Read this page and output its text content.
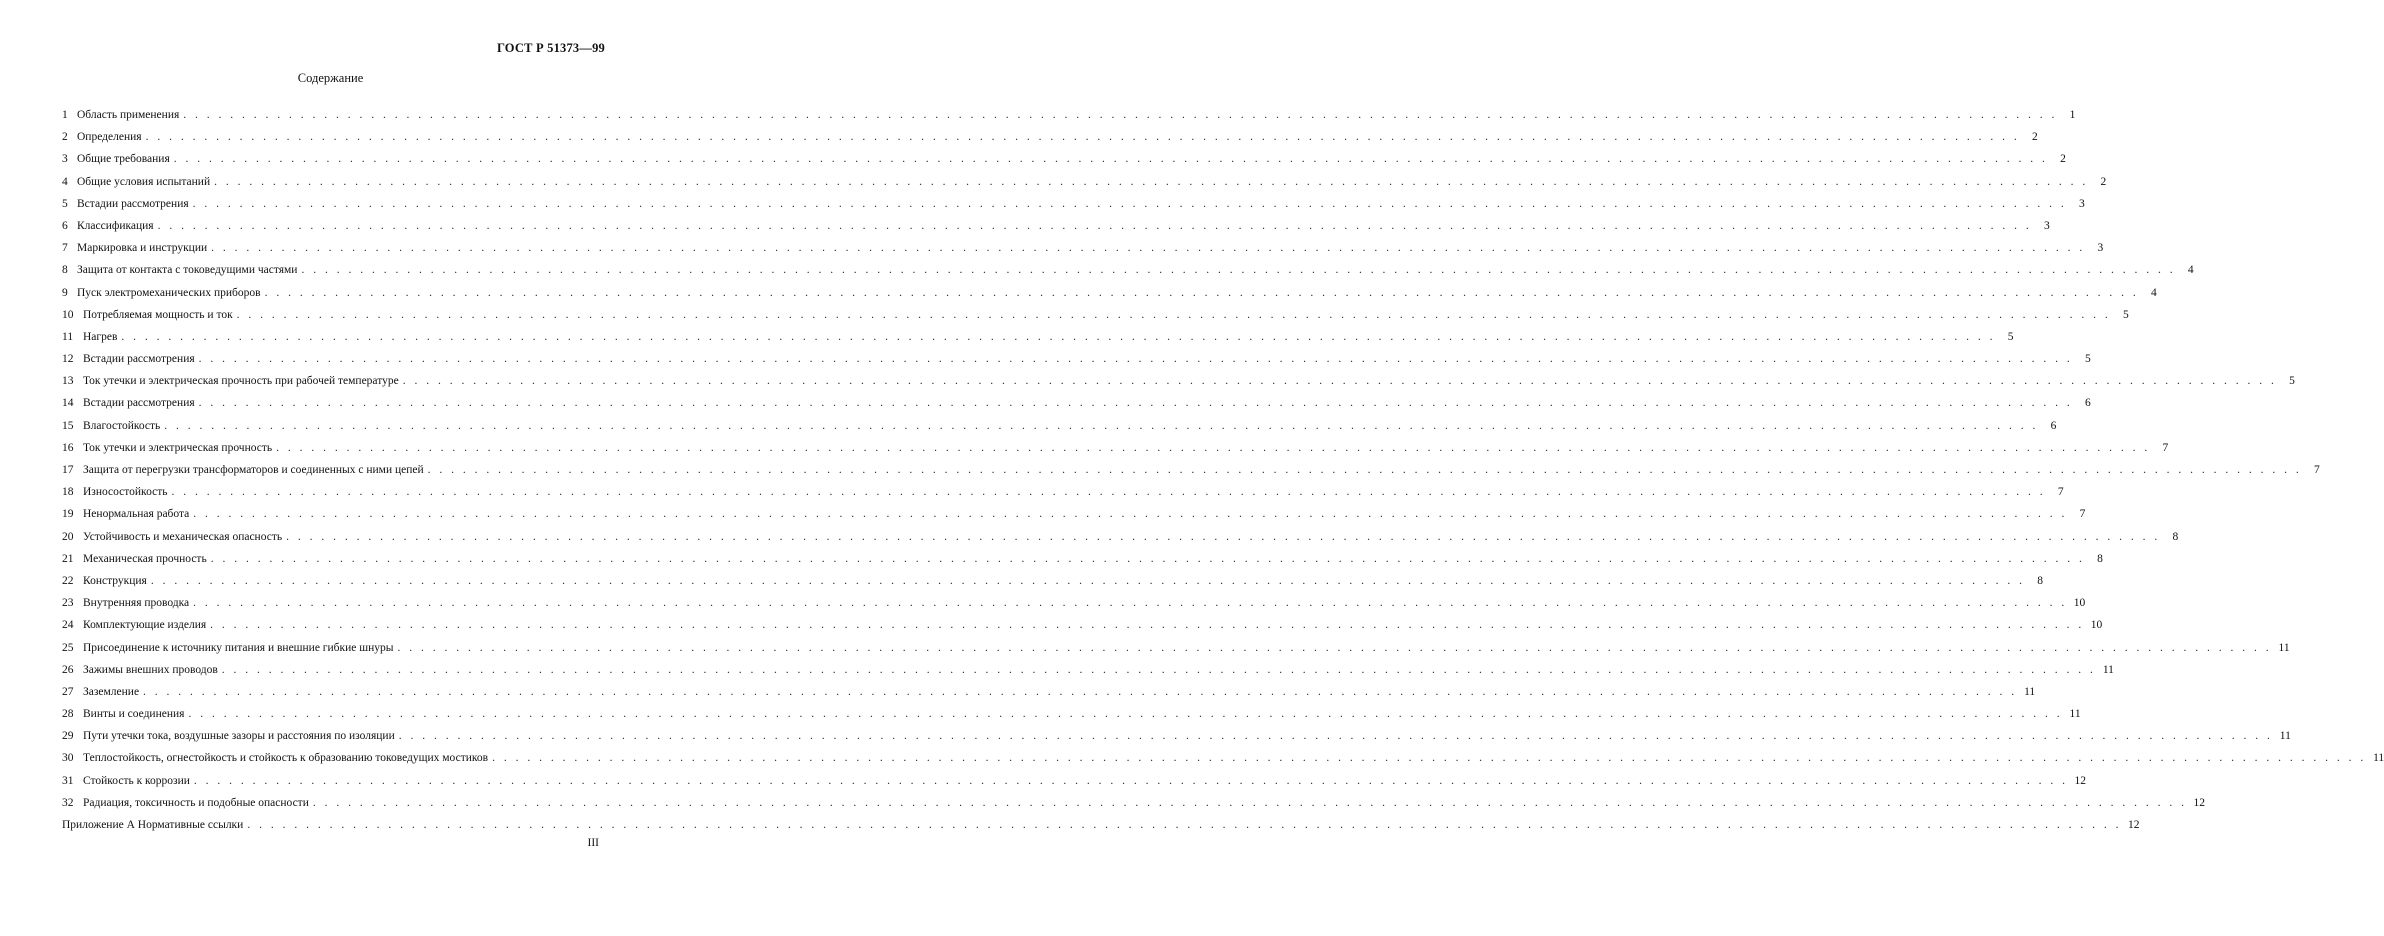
ГОСТ Р 51373—99
Содержание
1 Область применения . . . . . . . . . . . . . . . . . . . . . . . . . . . . . . . . . . . . . . . . . . . . . . . . . . . . . . . . . . . . . . . . . . . . . . . . . . . . . . . . . . . . . . . . . . . . . . . . . . . . . . . . . . . . . . . . . . . . . . . . . . . . . . . . . . . . . . . . . . . . . . . . . . . . . . . . . . . . . . . .	1
2 Определения . . . . . . . . . . . . . . . . . . . . . . . . . . . . . . . . . . . . . . . . . . . . . . . . . . . . . . . . . . . . . . . . . . . . . . . . . . . . . . . . . . . . . . . . . . . . . . . . . . . . . . . . . . . . . . . . . . . . . . . . . . . . . . . . . . . . . . . . . . . . . . . . . . . . . . . . . . . . . . . .	2
3 Общие требования . . . . . . . . . . . . . . . . . . . . . . . . . . . . . . . . . . . . . . . . . . . . . . . . . . . . . . . . . . . . . . . . . . . . . . . . . . . . . . . . . . . . . . . . . . . . . . . . . . . . . . . . . . . . . . . . . . . . . . . . . . . . . . . . . . . . . . . . . . . . . . . . . . . . . . . . . . . . . . . .	2
4 Общие условия испытаний . . . . . . . . . . . . . . . . . . . . . . . . . . . . . . . . . . . . . . . . . . . . . . . . . . . . . . . . . . . . . . . . . . . . . . . . . . . . . . . . . . . . . . . . . . . . . . . . . . . . . . . . . . . . . . . . . . . . . . . . . . . . . . . . . . . . . . . . . . . . . . . . . . . . . . . . . . . . . . . .	2
5 Встадии рассмотрения . . . . . . . . . . . . . . . . . . . . . . . . . . . . . . . . . . . . . . . . . . . . . . . . . . . . . . . . . . . . . . . . . . . . . . . . . . . . . . . . . . . . . . . . . . . . . . . . . . . . . . . . . . . . . . . . . . . . . . . . . . . . . . . . . . . . . . . . . . . . . . . . . . . . . . . . . . . . . . . .	3
6 Классификация . . . . . . . . . . . . . . . . . . . . . . . . . . . . . . . . . . . . . . . . . . . . . . . . . . . . . . . . . . . . . . . . . . . . . . . . . . . . . . . . . . . . . . . . . . . . . . . . . . . . . . . . . . . . . . . . . . . . . . . . . . . . . . . . . . . . . . . . . . . . . . . . . . . . . . . . . . . . . . . .	3
7 Маркировка и инструкции . . . . . . . . . . . . . . . . . . . . . . . . . . . . . . . . . . . . . . . . . . . . . . . . . . . . . . . . . . . . . . . . . . . . . . . . . . . . . . . . . . . . . . . . . . . . . . . . . . . . . . . . . . . . . . . . . . . . . . . . . . . . . . . . . . . . . . . . . . . . . . . . . . . . . . . . . . . . . . . .	3
8 Защита от контакта с токоведущими частями . . . . . . . . . . . . . . . . . . . . . . . . . . . . . . . . . . . . . . . . . . . . . . . . . . . . . . . . . . . . . . . . . . . . . . . . . . . . . . . . . . . . . . . . . . . . . . . . . . . . . . . . . . . . . . . . . . . . . . . . . . . . . . . . . . . . . . . . . . . . . . . . . . . . . . . . . . . . . . . .	4
9 Пуск электромеханических приборов . . . . . . . . . . . . . . . . . . . . . . . . . . . . . . . . . . . . . . . . . . . . . . . . . . . . . . . . . . . . . . . . . . . . . . . . . . . . . . . . . . . . . . . . . . . . . . . . . . . . . . . . . . . . . . . . . . . . . . . . . . . . . . . . . . . . . . . . . . . . . . . . . . . . . . . . . . . . . . . .	4
10 Потребляемая мощность и ток . . . . . . . . . . . . . . . . . . . . . . . . . . . . . . . . . . . . . . . . . . . . . . . . . . . . . . . . . . . . . . . . . . . . . . . . . . . . . . . . . . . . . . . . . . . . . . . . . . . . . . . . . . . . . . . . . . . . . . . . . . . . . . . . . . . . . . . . . . . . . . . . . . . . . . . . . . . . . . . .	5
11 Нагрев . . . . . . . . . . . . . . . . . . . . . . . . . . . . . . . . . . . . . . . . . . . . . . . . . . . . . . . . . . . . . . . . . . . . . . . . . . . . . . . . . . . . . . . . . . . . . . . . . . . . . . . . . . . . . . . . . . . . . . . . . . . . . . . . . . . . . . . . . . . . . . . . . . . . . . . . . . . . . . . .	5
12 Встадии рассмотрения . . . . . . . . . . . . . . . . . . . . . . . . . . . . . . . . . . . . . . . . . . . . . . . . . . . . . . . . . . . . . . . . . . . . . . . . . . . . . . . . . . . . . . . . . . . . . . . . . . . . . . . . . . . . . . . . . . . . . . . . . . . . . . . . . . . . . . . . . . . . . . . . . . . . . . . . . . . . . . . .	5
13 Ток утечки и электрическая прочность при рабочей температуре . . . . . . . . . . . . . . . . . . . . . . . . . . . . . . . . . . . . . . . . . . . . . . . . . . . . . . . . . . . . . . . . . . . . . . . . . . . . . . . . . . . . . . . . . . . . . . . . . . . . . . . . . . . . . . . . . . . . . . . . . . . . . . . . . . . . . . . . . . . . . . . . . . . . . . . . . . . . . . . .	5
14 Встадии рассмотрения . . . . . . . . . . . . . . . . . . . . . . . . . . . . . . . . . . . . . . . . . . . . . . . . . . . . . . . . . . . . . . . . . . . . . . . . . . . . . . . . . . . . . . . . . . . . . . . . . . . . . . . . . . . . . . . . . . . . . . . . . . . . . . . . . . . . . . . . . . . . . . . . . . . . . . . . . . . . . . . .	6
15 Влагостойкость . . . . . . . . . . . . . . . . . . . . . . . . . . . . . . . . . . . . . . . . . . . . . . . . . . . . . . . . . . . . . . . . . . . . . . . . . . . . . . . . . . . . . . . . . . . . . . . . . . . . . . . . . . . . . . . . . . . . . . . . . . . . . . . . . . . . . . . . . . . . . . . . . . . . . . . . . . . . . . . .	6
16 Ток утечки и электрическая прочность . . . . . . . . . . . . . . . . . . . . . . . . . . . . . . . . . . . . . . . . . . . . . . . . . . . . . . . . . . . . . . . . . . . . . . . . . . . . . . . . . . . . . . . . . . . . . . . . . . . . . . . . . . . . . . . . . . . . . . . . . . . . . . . . . . . . . . . . . . . . . . . . . . . . . . . . . . . . . . . .	7
17 Защита от перегрузки трансформаторов и соединенных с ними цепей . . . . . . . . . . . . . . . . . . . . . . . . . . . . . . . . . . . . . . . . . . . . . . . . . . . . . . . . . . . . . . . . . . . . . . . . . . . . . . . . . . . . . . . . . . . . . . . . . . . . . . . . . . . . . . . . . . . . . . . . . . . . . . . . . . . . . . . . . . . . . . . . . . . . . . . . . . . . . . . .	7
18 Износостойкость . . . . . . . . . . . . . . . . . . . . . . . . . . . . . . . . . . . . . . . . . . . . . . . . . . . . . . . . . . . . . . . . . . . . . . . . . . . . . . . . . . . . . . . . . . . . . . . . . . . . . . . . . . . . . . . . . . . . . . . . . . . . . . . . . . . . . . . . . . . . . . . . . . . . . . . . . . . . . . . .	7
19 Ненормальная работа . . . . . . . . . . . . . . . . . . . . . . . . . . . . . . . . . . . . . . . . . . . . . . . . . . . . . . . . . . . . . . . . . . . . . . . . . . . . . . . . . . . . . . . . . . . . . . . . . . . . . . . . . . . . . . . . . . . . . . . . . . . . . . . . . . . . . . . . . . . . . . . . . . . . . . . . . . . . . . . .	7
20 Устойчивость и механическая опасность . . . . . . . . . . . . . . . . . . . . . . . . . . . . . . . . . . . . . . . . . . . . . . . . . . . . . . . . . . . . . . . . . . . . . . . . . . . . . . . . . . . . . . . . . . . . . . . . . . . . . . . . . . . . . . . . . . . . . . . . . . . . . . . . . . . . . . . . . . . . . . . . . . . . . . . . . . . . . . . .	8
21 Механическая прочность . . . . . . . . . . . . . . . . . . . . . . . . . . . . . . . . . . . . . . . . . . . . . . . . . . . . . . . . . . . . . . . . . . . . . . . . . . . . . . . . . . . . . . . . . . . . . . . . . . . . . . . . . . . . . . . . . . . . . . . . . . . . . . . . . . . . . . . . . . . . . . . . . . . . . . . . . . . . . . . .	8
22 Конструкция . . . . . . . . . . . . . . . . . . . . . . . . . . . . . . . . . . . . . . . . . . . . . . . . . . . . . . . . . . . . . . . . . . . . . . . . . . . . . . . . . . . . . . . . . . . . . . . . . . . . . . . . . . . . . . . . . . . . . . . . . . . . . . . . . . . . . . . . . . . . . . . . . . . . . . . . . . . . . . . .	8
23 Внутренняя проводка . . . . . . . . . . . . . . . . . . . . . . . . . . . . . . . . . . . . . . . . . . . . . . . . . . . . . . . . . . . . . . . . . . . . . . . . . . . . . . . . . . . . . . . . . . . . . . . . . . . . . . . . . . . . . . . . . . . . . . . . . . . . . . . . . . . . . . . . . . . . . . . . . . . . . . . . . . . . . . . . 10
24 Комплектующие изделия . . . . . . . . . . . . . . . . . . . . . . . . . . . . . . . . . . . . . . . . . . . . . . . . . . . . . . . . . . . . . . . . . . . . . . . . . . . . . . . . . . . . . . . . . . . . . . . . . . . . . . . . . . . . . . . . . . . . . . . . . . . . . . . . . . . . . . . . . . . . . . . . . . . . . . . . . . . . . . . . 10
25 Присоединение к источнику питания и внешние гибкие шнуры . . . . . . . . . . . . . . . . . . . . . . . . . . . . . . . . . . . . . . . . . . . . . . . . . . . . . . . . . . . . . . . . . . . . . . . . . . . . . . . . . . . . . . . . . . . . . . . . . . . . . . . . . . . . . . . . . . . . . . . . . . . . . . . . . . . . . . . . . . . . . . . . . . . . . . . . . . . . . . . . 11
26 Зажимы внешних проводов . . . . . . . . . . . . . . . . . . . . . . . . . . . . . . . . . . . . . . . . . . . . . . . . . . . . . . . . . . . . . . . . . . . . . . . . . . . . . . . . . . . . . . . . . . . . . . . . . . . . . . . . . . . . . . . . . . . . . . . . . . . . . . . . . . . . . . . . . . . . . . . . . . . . . . . . . . . . . . . . 11
27 Заземление . . . . . . . . . . . . . . . . . . . . . . . . . . . . . . . . . . . . . . . . . . . . . . . . . . . . . . . . . . . . . . . . . . . . . . . . . . . . . . . . . . . . . . . . . . . . . . . . . . . . . . . . . . . . . . . . . . . . . . . . . . . . . . . . . . . . . . . . . . . . . . . . . . . . . . . . . . . . . . . . 11
28 Винты и соединения . . . . . . . . . . . . . . . . . . . . . . . . . . . . . . . . . . . . . . . . . . . . . . . . . . . . . . . . . . . . . . . . . . . . . . . . . . . . . . . . . . . . . . . . . . . . . . . . . . . . . . . . . . . . . . . . . . . . . . . . . . . . . . . . . . . . . . . . . . . . . . . . . . . . . . . . . . . . . . . . 11
29 Пути утечки тока, воздушные зазоры и расстояния по изоляции . . . . . . . . . . . . . . . . . . . . . . . . . . . . . . . . . . . . . . . . . . . . . . . . . . . . . . . . . . . . . . . . . . . . . . . . . . . . . . . . . . . . . . . . . . . . . . . . . . . . . . . . . . . . . . . . . . . . . . . . . . . . . . . . . . . . . . . . . . . . . . . . . . . . . . . . . . . . . . . . 11
30 Теплостойкость, огнестойкость и стойкость к образованию токоведущих мостиков . . . . . . . . . . . . . . . . . . . . . . . . . . . . . . . . . . . . . . . . . . . . . . . . . . . . . . . . . . . . . . . . . . . . . . . . . . . . . . . . . . . . . . . . . . . . . . . . . . . . . . . . . . . . . . . . . . . . . . . . . . . . . . . . . . . . . . . . . . . . . . . . . . . . . . . . . . . . . . . . 11
31 Стойкость к коррозии . . . . . . . . . . . . . . . . . . . . . . . . . . . . . . . . . . . . . . . . . . . . . . . . . . . . . . . . . . . . . . . . . . . . . . . . . . . . . . . . . . . . . . . . . . . . . . . . . . . . . . . . . . . . . . . . . . . . . . . . . . . . . . . . . . . . . . . . . . . . . . . . . . . . . . . . . . . . . . . . 12
32 Радиация, токсичность и подобные опасности . . . . . . . . . . . . . . . . . . . . . . . . . . . . . . . . . . . . . . . . . . . . . . . . . . . . . . . . . . . . . . . . . . . . . . . . . . . . . . . . . . . . . . . . . . . . . . . . . . . . . . . . . . . . . . . . . . . . . . . . . . . . . . . . . . . . . . . . . . . . . . . . . . . . . . . . . . . . . . . . 12
Приложение А Нормативные ссылки . . . . . . . . . . . . . . . . . . . . . . . . . . . . . . . . . . . . . . . . . . . . . . . . . . . . . . . . . . . . . . . . . . . . . . . . . . . . . . . . . . . . . . . . . . . . . . . . . . . . . . . . . . . . . . . . . . . . . . . . . . . . . . . . . . . . . . . . . . . . . . . . . . . . . . . . . . . . . . . . 12
III
